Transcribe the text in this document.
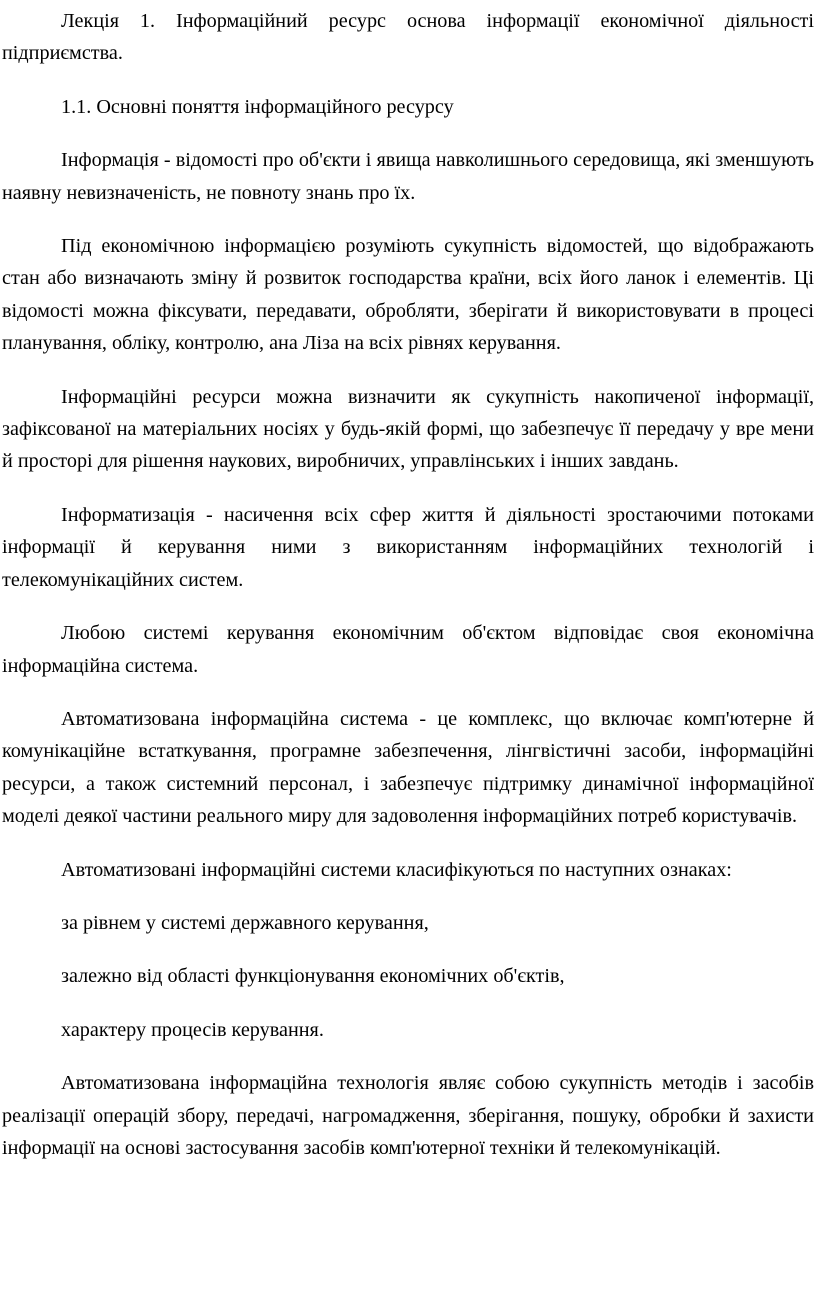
Лекція 1. Інформаційний ресурс основа інформації економічної діяльності підприємства.

1.1. Основні поняття інформаційного ресурсу

Інформація - відомості про об'єкти і явища навколишнього середовища, які зменшують наявну невизначеність, не повноту знань про їх.

Під економічною інформацією розуміють сукупність відомостей, що відображають стан або визначають зміну й розвиток господарства країни, всіх його ланок і елементів. Ці відомості можна фіксувати, передавати, обробляти, зберігати й використовувати в процесі планування, обліку, контролю, ана Ліза на всіх рівнях керування.

Інформаційні ресурси можна визначити як сукупність накопиченої інформації, зафіксованої на матеріальних носіях у будь-якій формі, що забезпечує її передачу у вре мени й просторі для рішення наукових, виробничих, управлінських і інших завдань.

Інформатизація - насичення всіх сфер життя й діяльності зростаючими потоками інформації й керування ними з використанням інформаційних технологій і телекомунікаційних систем.

Любою системі керування економічним об'єктом відповідає своя економічна інформаційна система.

Автоматизована інформаційна система - це комплекс, що включає комп'ютерне й комунікаційне встаткування, програмне забезпечення, лінгвістичні засоби, інформаційні ресурси, а також системний персонал, і забезпечує підтримку динамічної інформаційної моделі деякої частини реального миру для задоволення інформаційних потреб користувачів.

Автоматизовані інформаційні системи класифікуються по наступних ознаках:

за рівнем у системі державного керування,

залежно від області функціонування економічних об'єктів,

характеру процесів керування.

Автоматизована інформаційна технологія являє собою сукупність методів і засобів реалізації операцій збору, передачі, нагромадження, зберігання, пошуку, обробки й захисти інформації на основі застосування засобів комп'ютерної техніки й телекомунікацій.
